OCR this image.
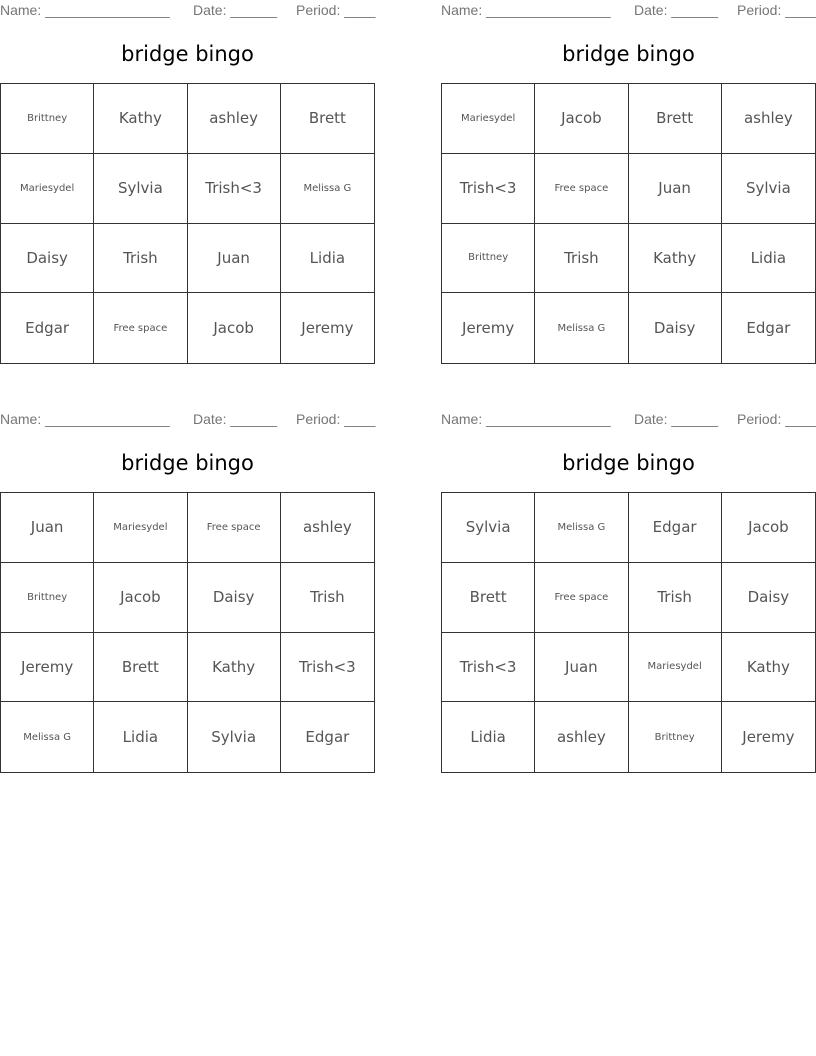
Name: ________________ Date: ______ Period: ____
bridge bingo
Brittney	Kathy	ashley	Brett
Mariesydel	Sylvia	Trish<3	Melissa G
Daisy	Trish	Juan	Lidia
Edgar	Free space	Jacob	Jeremy
Name: ________________ Date: ______ Period: ____
bridge bingo
Mariesydel	Jacob	Brett	ashley
Trish<3	Free space	Juan	Sylvia
Brittney	Trish	Kathy	Lidia
Jeremy	Melissa G	Daisy	Edgar
Name: ________________ Date: ______ Period: ____
bridge bingo
Juan	Mariesydel	Free space	ashley
Brittney	Jacob	Daisy	Trish
Jeremy	Brett	Kathy	Trish<3
Melissa G	Lidia	Sylvia	Edgar
Name: ________________ Date: ______ Period: ____
bridge bingo
Sylvia	Melissa G	Edgar	Jacob
Brett	Free space	Trish	Daisy
Trish<3	Juan	Mariesydel	Kathy
Lidia	ashley	Brittney	Jeremy
